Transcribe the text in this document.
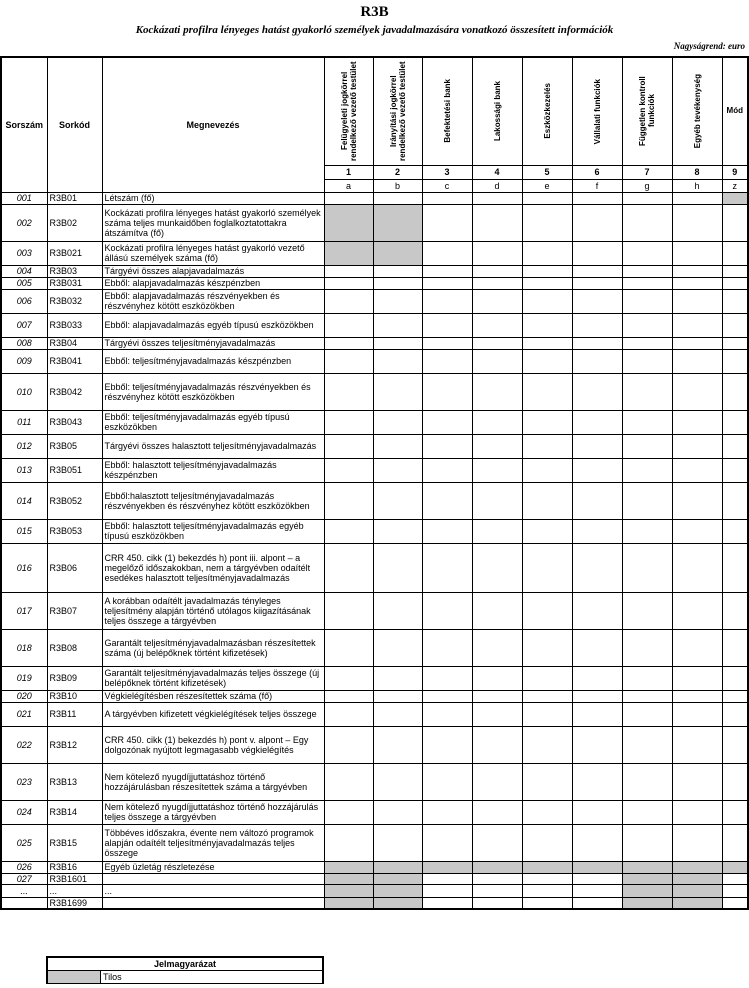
R3B
Kockázati profilra lényeges hatást gyakorló személyek javadalmazására vonatkozó összesített információk
Nagyságrend: euro
Sorszám	Sorkód	Megnevezés	Felügyeleti jogkörrel rendelkező vezető testület	Irányítási jogkörrel rendelkező vezető testület	Befektetési bank	Lakossági bank	Eszközkezelés	Vállalati funkciók	Független kontroll funkciók	Egyéb tevékenység	Mód
			1	2	3	4	5	6	7	8	9
			a	b	c	d	e	f	g	h	z
001	R3B01	Létszám (fő)									
002	R3B02	Kockázati profilra lényeges hatást gyakorló személyek száma teljes munkaidőben foglalkoztatottakra átszámítva (fő)									
003	R3B021	Kockázati profilra lényeges hatást gyakorló vezető állású személyek száma (fő)									
004	R3B03	Tárgyévi összes alapjavadalmazás									
005	R3B031	Ebből: alapjavadalmazás készpénzben									
006	R3B032	Ebből: alapjavadalmazás részvényekben és részvényhez kötött eszközökben									
007	R3B033	Ebből: alapjavadalmazás egyéb típusú eszközökben									
008	R3B04	Tárgyévi összes teljesítményjavadalmazás									
009	R3B041	Ebből: teljesítményjavadalmazás készpénzben									
010	R3B042	Ebből: teljesítményjavadalmazás részvényekben és részvényhez kötött eszközökben									
011	R3B043	Ebből: teljesítményjavadalmazás egyéb típusú eszközökben									
012	R3B05	Tárgyévi összes halasztott teljesítményjavadalmazás									
013	R3B051	Ebből: halasztott teljesítményjavadalmazás készpénzben									
014	R3B052	Ebből:halasztott teljesítményjavadalmazás részvényekben és részvényhez kötött eszközökben									
015	R3B053	Ebből: halasztott teljesítményjavadalmazás egyéb típusú eszközökben									
016	R3B06	CRR 450. cikk (1) bekezdés h) pont iii. alpont – a megelőző időszakokban, nem a tárgyévben odaítélt esedékes halasztott teljesítményjavadalmazás									
017	R3B07	A korábban odaítélt javadalmazás tényleges teljesítmény alapján történő utólagos kiigazításának teljes összege a tárgyévben									
018	R3B08	Garantált teljesítményjavadalmazásban részesítettek száma (új belépőknek történt kifizetések)									
019	R3B09	Garantált teljesítményjavadalmazás teljes összege (új belépőknek történt kifizetések)									
020	R3B10	Végkielégítésben részesítettek száma (fő)									
021	R3B11	A tárgyévben kifizetett végkielégítések teljes összege									
022	R3B12	CRR 450. cikk (1) bekezdés h) pont v. alpont – Egy dolgozónak nyújtott legmagasabb végkielégítés									
023	R3B13	Nem kötelező nyugdíjjuttatáshoz történő hozzájárulásban részesítettek száma a tárgyévben									
024	R3B14	Nem kötelező nyugdíjjuttatáshoz történő hozzájárulás teljes összege a tárgyévben									
025	R3B15	Többéves időszakra, évente nem változó programok alapján odaítélt teljesítményjavadalmazás teljes összege									
026	R3B16	Egyéb üzletág részletezése									
027	R3B1601										
...	...	...									
	R3B1699										
Jelmagyarázat
	Tilos
